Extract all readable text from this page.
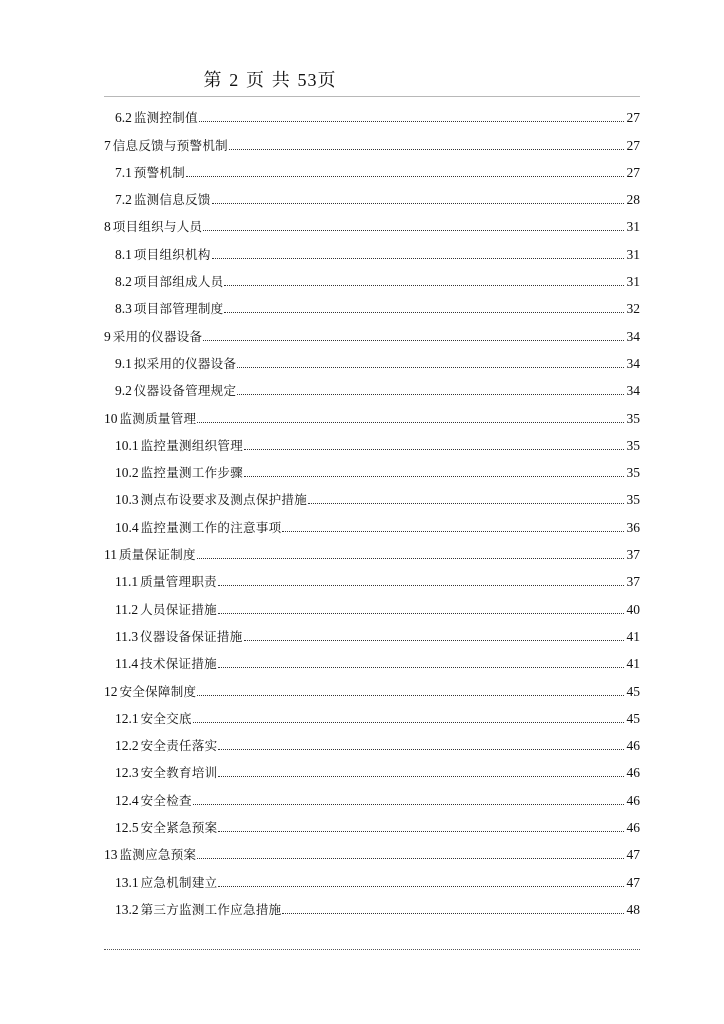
第 2 页 共 53页
6.2 监测控制值	27
7 信息反馈与预警机制	27
7.1 预警机制	27
7.2 监测信息反馈	28
8 项目组织与人员	31
8.1 项目组织机构	31
8.2 项目部组成人员	31
8.3 项目部管理制度	32
9 采用的仪器设备	34
9.1 拟采用的仪器设备	34
9.2 仪器设备管理规定	34
10 监测质量管理	35
10.1 监控量测组织管理	35
10.2 监控量测工作步骤	35
10.3 测点布设要求及测点保护措施	35
10.4 监控量测工作的注意事项	36
11 质量保证制度	37
11.1 质量管理职责	37
11.2 人员保证措施	40
11.3 仪器设备保证措施	41
11.4 技术保证措施	41
12 安全保障制度	45
12.1 安全交底	45
12.2 安全责任落实	46
12.3 安全教育培训	46
12.4 安全检查	46
12.5 安全紧急预案	46
13 监测应急预案	47
13.1 应急机制建立	47
13.2 第三方监测工作应急措施	48
